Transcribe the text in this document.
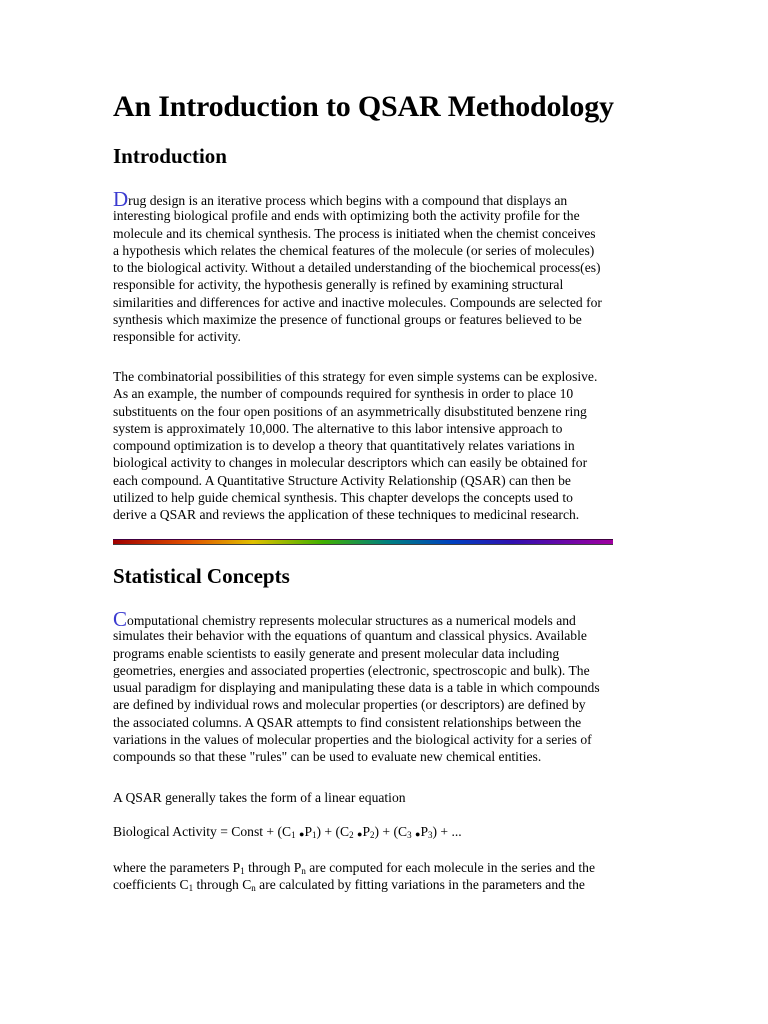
An Introduction to QSAR Methodology
Introduction
Drug design is an iterative process which begins with a compound that displays an
interesting biological profile and ends with optimizing both the activity profile for the
molecule and its chemical synthesis. The process is initiated when the chemist conceives
a hypothesis which relates the chemical features of the molecule (or series of molecules)
to the biological activity. Without a detailed understanding of the biochemical process(es)
responsible for activity, the hypothesis generally is refined by examining structural
similarities and differences for active and inactive molecules. Compounds are selected for
synthesis which maximize the presence of functional groups or features believed to be
responsible for activity.
The combinatorial possibilities of this strategy for even simple systems can be explosive.
As an example, the number of compounds required for synthesis in order to place 10
substituents on the four open positions of an asymmetrically disubstituted benzene ring
system is approximately 10,000. The alternative to this labor intensive approach to
compound optimization is to develop a theory that quantitatively relates variations in
biological activity to changes in molecular descriptors which can easily be obtained for
each compound. A Quantitative Structure Activity Relationship (QSAR) can then be
utilized to help guide chemical synthesis. This chapter develops the concepts used to
derive a QSAR and reviews the application of these techniques to medicinal research.
Statistical Concepts
Computational chemistry represents molecular structures as a numerical models and
simulates their behavior with the equations of quantum and classical physics. Available
programs enable scientists to easily generate and present molecular data including
geometries, energies and associated properties (electronic, spectroscopic and bulk). The
usual paradigm for displaying and manipulating these data is a table in which compounds
are defined by individual rows and molecular properties (or descriptors) are defined by
the associated columns. A QSAR attempts to find consistent relationships between the
variations in the values of molecular properties and the biological activity for a series of
compounds so that these "rules" can be used to evaluate new chemical entities.
A QSAR generally takes the form of a linear equation
Biological Activity = Const + ($C_1$ $●P_1) + (C_2$ $●P_2) + (C_3$ $●P_3$) + ...
where the parameters $P_1$ through $P_n$ are computed for each molecule in the series and the
coefficients $C_1$ through $C_n$ are calculated by fitting variations in the parameters and the
